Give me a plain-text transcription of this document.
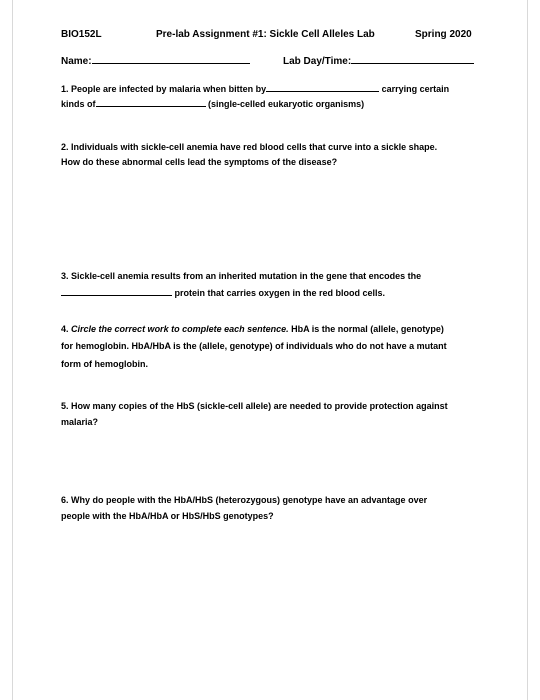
BIO152L	Pre-lab Assignment #1: Sickle Cell Alleles Lab	Spring 2020
Name:	Lab Day/Time:
1. People are infected by malaria when bitten by	carrying certain
kinds of	(single-celled eukaryotic organisms)
2. Individuals with sickle-cell anemia have red blood cells that curve into a sickle shape.
How do these abnormal cells lead the symptoms of the disease?
3. Sickle-cell anemia results from an inherited mutation in the gene that encodes the
protein that carries oxygen in the red blood cells.
4. Circle the correct work to complete each sentence. HbA is the normal (allele, genotype)
for hemoglobin. HbA/HbA is the (allele, genotype) of individuals who do not have a mutant
form of hemoglobin.
5. How many copies of the HbS (sickle-cell allele) are needed to provide protection against
malaria?
6. Why do people with the HbA/HbS (heterozygous) genotype have an advantage over
people with the HbA/HbA or HbS/HbS genotypes?
